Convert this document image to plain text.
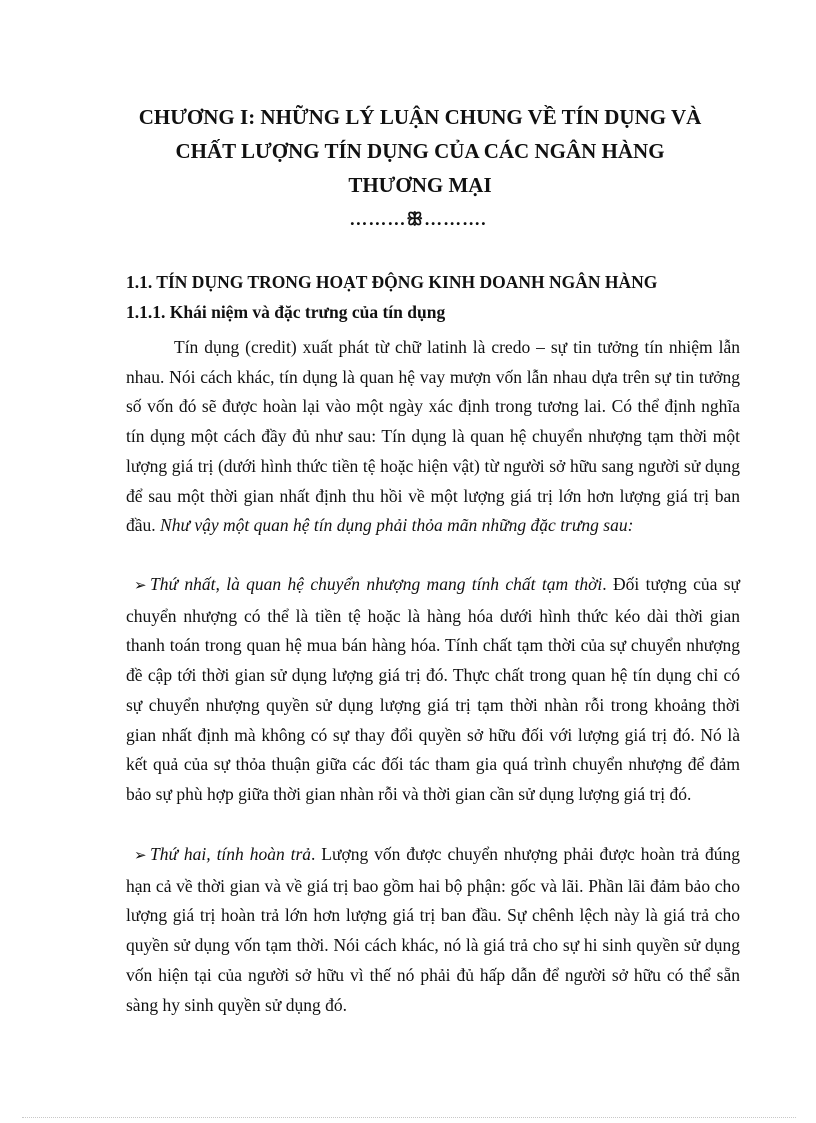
CHƯƠNG I: NHỮNG LÝ LUẬN CHUNG VỀ TÍN DỤNG VÀ
CHẤT LƯỢNG TÍN DỤNG CỦA CÁC NGÂN HÀNG
THƯƠNG MẠI
………ꕥ……….
1.1. TÍN DỤNG TRONG HOẠT ĐỘNG KINH DOANH NGÂN HÀNG
1.1.1. Khái niệm và đặc trưng của tín dụng
Tín dụng (credit) xuất phát từ chữ latinh là credo – sự tin tưởng tín nhiệm lẫn nhau. Nói cách khác, tín dụng là quan hệ vay mượn vốn lẫn nhau dựa trên sự tin tưởng số vốn đó sẽ được hoàn lại vào một ngày xác định trong tương lai. Có thể định nghĩa tín dụng một cách đầy đủ như sau: Tín dụng là quan hệ chuyển nhượng tạm thời một lượng giá trị (dưới hình thức tiền tệ hoặc hiện vật) từ người sở hữu sang người sử dụng để sau một thời gian nhất định thu hồi về một lượng giá trị lớn hơn lượng giá trị ban đầu. Như vậy một quan hệ tín dụng phải thỏa mãn những đặc trưng sau:
➢ Thứ nhất, là quan hệ chuyển nhượng mang tính chất tạm thời. Đối tượng của sự chuyển nhượng có thể là tiền tệ hoặc là hàng hóa dưới hình thức kéo dài thời gian thanh toán trong quan hệ mua bán hàng hóa. Tính chất tạm thời của sự chuyển nhượng đề cập tới thời gian sử dụng lượng giá trị đó. Thực chất trong quan hệ tín dụng chỉ có sự chuyển nhượng quyền sử dụng lượng giá trị tạm thời nhàn rỗi trong khoảng thời gian nhất định mà không có sự thay đổi quyền sở hữu đối với lượng giá trị đó. Nó là kết quả của sự thỏa thuận giữa các đối tác tham gia quá trình chuyển nhượng để đảm bảo sự phù hợp giữa thời gian nhàn rỗi và thời gian cần sử dụng lượng giá trị đó.
➢ Thứ hai, tính hoàn trả. Lượng vốn được chuyển nhượng phải được hoàn trả đúng hạn cả về thời gian và về giá trị bao gồm hai bộ phận: gốc và lãi. Phần lãi đảm bảo cho lượng giá trị hoàn trả lớn hơn lượng giá trị ban đầu. Sự chênh lệch này là giá trả cho quyền sử dụng vốn tạm thời. Nói cách khác, nó là giá trả cho sự hi sinh quyền sử dụng vốn hiện tại của người sở hữu vì thế nó phải đủ hấp dẫn để người sở hữu có thể sẵn sàng hy sinh quyền sử dụng đó.
